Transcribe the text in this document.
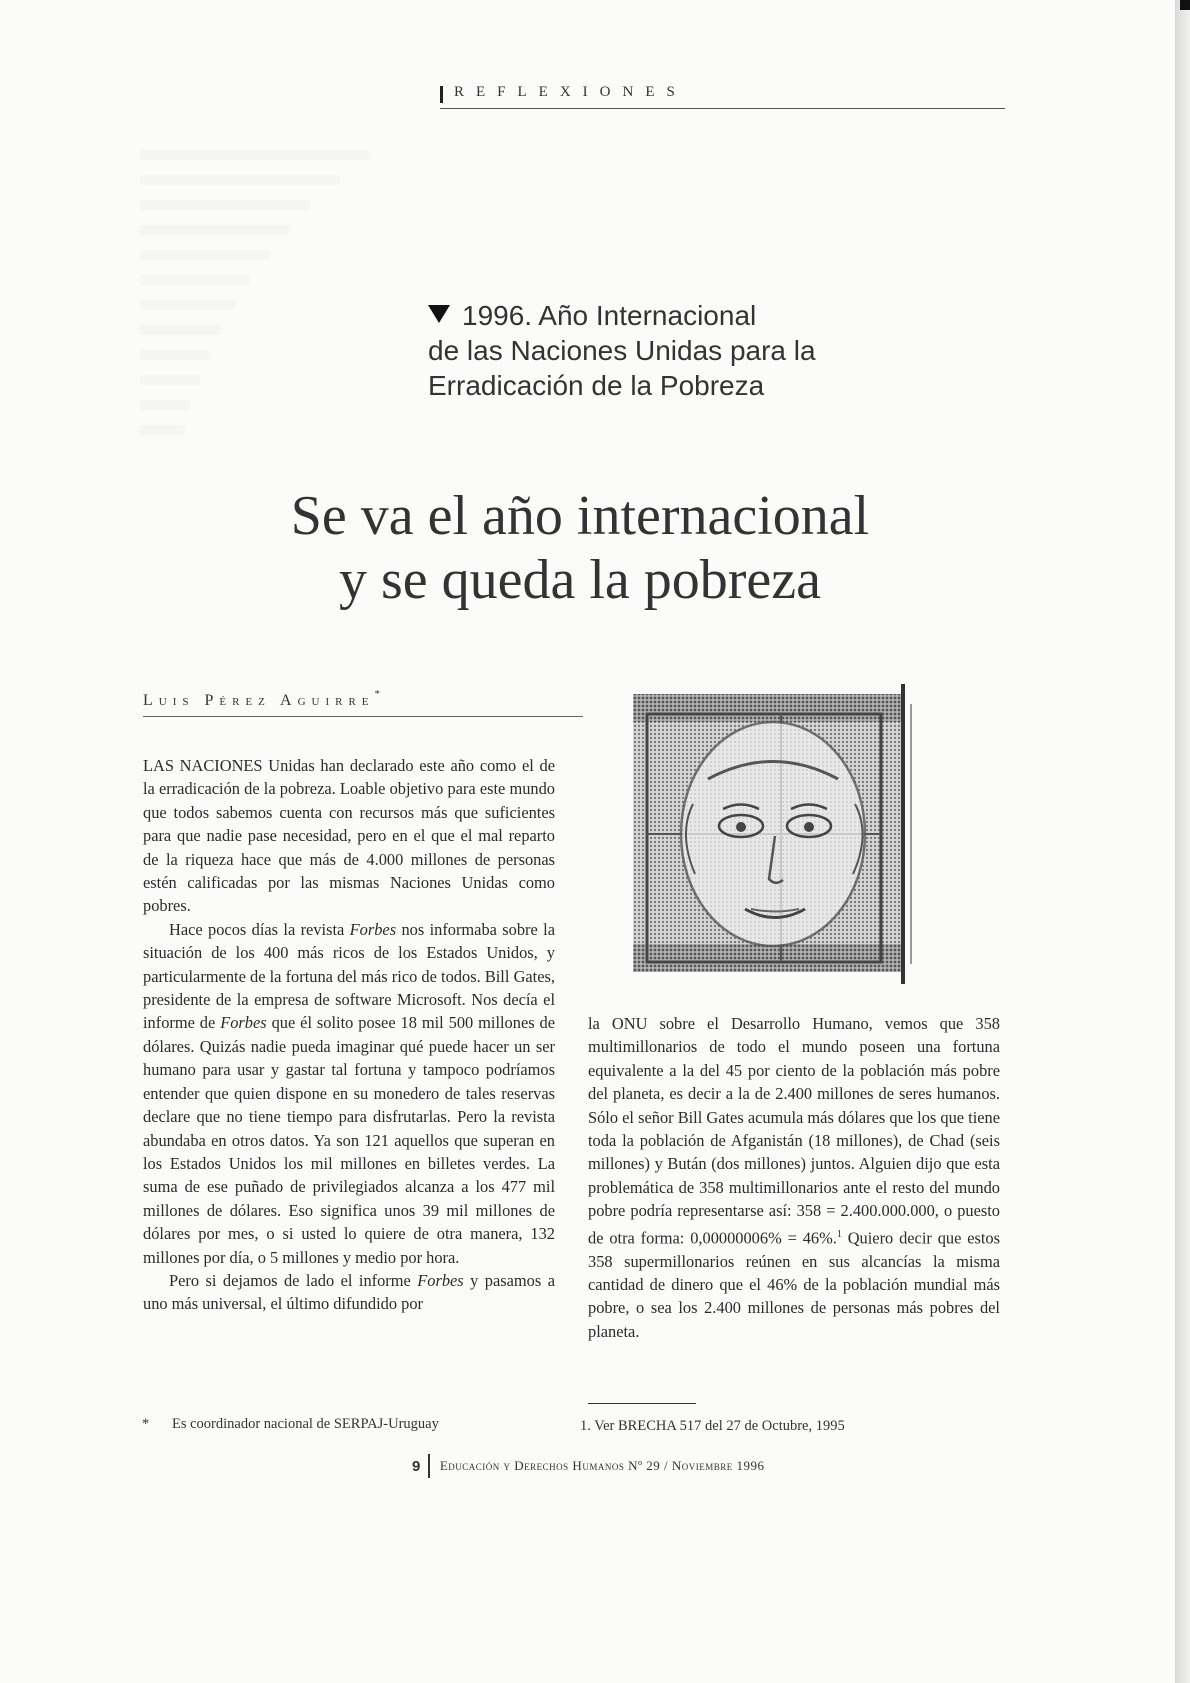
REFLEXIONES
1996. Año Internacional
de las Naciones Unidas para la
Erradicación de la Pobreza
Se va el año internacional
y se queda la pobreza
Luis Pérez Aguirre*

LAS NACIONES Unidas han declarado este año como el de la erradicación de la pobreza. Loable objetivo para este mundo que todos sabemos cuenta con recursos más que suficientes para que nadie pase necesidad, pero en el que el mal reparto de la riqueza hace que más de 4.000 millones de personas estén calificadas por las mismas Naciones Unidas como pobres.

Hace pocos días la revista Forbes nos informaba sobre la situación de los 400 más ricos de los Estados Unidos, y particularmente de la fortuna del más rico de todos. Bill Gates, presidente de la empresa de software Microsoft. Nos decía el informe de Forbes que él solito posee 18 mil 500 millones de dólares. Quizás nadie pueda imaginar qué puede hacer un ser humano para usar y gastar tal fortuna y tampoco podríamos entender que quien dispone en su monedero de tales reservas declare que no tiene tiempo para disfrutarlas. Pero la revista abundaba en otros datos. Ya son 121 aquellos que superan en los Estados Unidos los mil millones en billetes verdes. La suma de ese puñado de privilegiados alcanza a los 477 mil millones de dólares. Eso significa unos 39 mil millones de dólares por mes, o si usted lo quiere de otra manera, 132 millones por día, o 5 millones y medio por hora.

Pero si dejamos de lado el informe Forbes y pasamos a uno más universal, el último difundido por

la ONU sobre el Desarrollo Humano, vemos que 358 multimillonarios de todo el mundo poseen una fortuna equivalente a la del 45 por ciento de la población más pobre del planeta, es decir a la de 2.400 millones de seres humanos. Sólo el señor Bill Gates acumula más dólares que los que tiene toda la población de Afganistán (18 millones), de Chad (seis millones) y Bután (dos millones) juntos. Alguien dijo que esta problemática de 358 multimillonarios ante el resto del mundo pobre podría representarse así: 358 = 2.400.000.000, o puesto de otra forma: 0,00000006% = 46%.$^1$ Quiero decir que estos 358 supermillonarios reúnen en sus alcancías la misma cantidad de dinero que el 46% de la población mundial más pobre, o sea los 2.400 millones de personas más pobres del planeta.

* Es coordinador nacional de SERPAJ-Uruguay	1. Ver BRECHA 517 del 27 de Octubre, 1995
9 Educación y Derechos Humanos Nº 29 / Noviembre 1996
